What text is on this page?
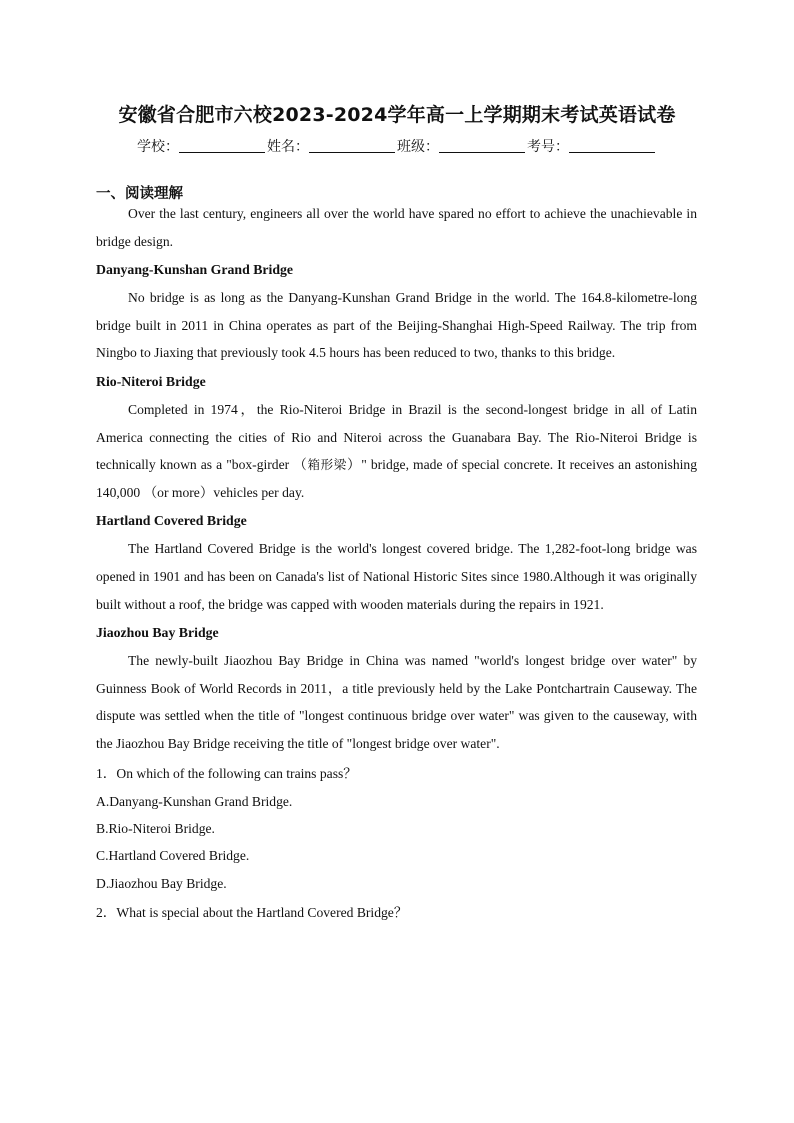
安徽省合肥市六校2023-2024学年高一上学期期末考试英语试卷
学校：	姓名：	班级：	考号：
一、阅读理解

Over the last century, engineers all over the world have spared no effort to achieve the unachievable in bridge design.

Danyang-Kunshan Grand Bridge

No bridge is as long as the Danyang-Kunshan Grand Bridge in the world. The 164.8-kilometre-long bridge built in 2011 in China operates as part of the Beijing-Shanghai High-Speed Railway. The trip from Ningbo to Jiaxing that previously took 4.5 hours has been reduced to two, thanks to this bridge.

Rio-Niteroi Bridge

Completed in 1974，the Rio-Niteroi Bridge in Brazil is the second-longest bridge in all of Latin America connecting the cities of Rio and Niteroi across the Guanabara Bay. The Rio-Niteroi Bridge is technically known as a "box-girder （箱形梁）" bridge, made of special concrete. It receives an astonishing 140,000 （or more）vehicles per day.

Hartland Covered Bridge

The Hartland Covered Bridge is the world's longest covered bridge. The 1,282-foot-long bridge was opened in 1901 and has been on Canada's list of National Historic Sites since 1980.Although it was originally built without a roof, the bridge was capped with wooden materials during the repairs in 1921.

Jiaozhou Bay Bridge

The newly-built Jiaozhou Bay Bridge in China was named "world's longest bridge over water" by Guinness Book of World Records in 2011，a title previously held by the Lake Pontchartrain Causeway. The dispute was settled when the title of "longest continuous bridge over water" was given to the causeway, with the Jiaozhou Bay Bridge receiving the title of "longest bridge over water".

1．On which of the following can trains pass？

A.Danyang-Kunshan Grand Bridge.

B.Rio-Niteroi Bridge.

C.Hartland Covered Bridge.

D.Jiaozhou Bay Bridge.

2．What is special about the Hartland Covered Bridge？
